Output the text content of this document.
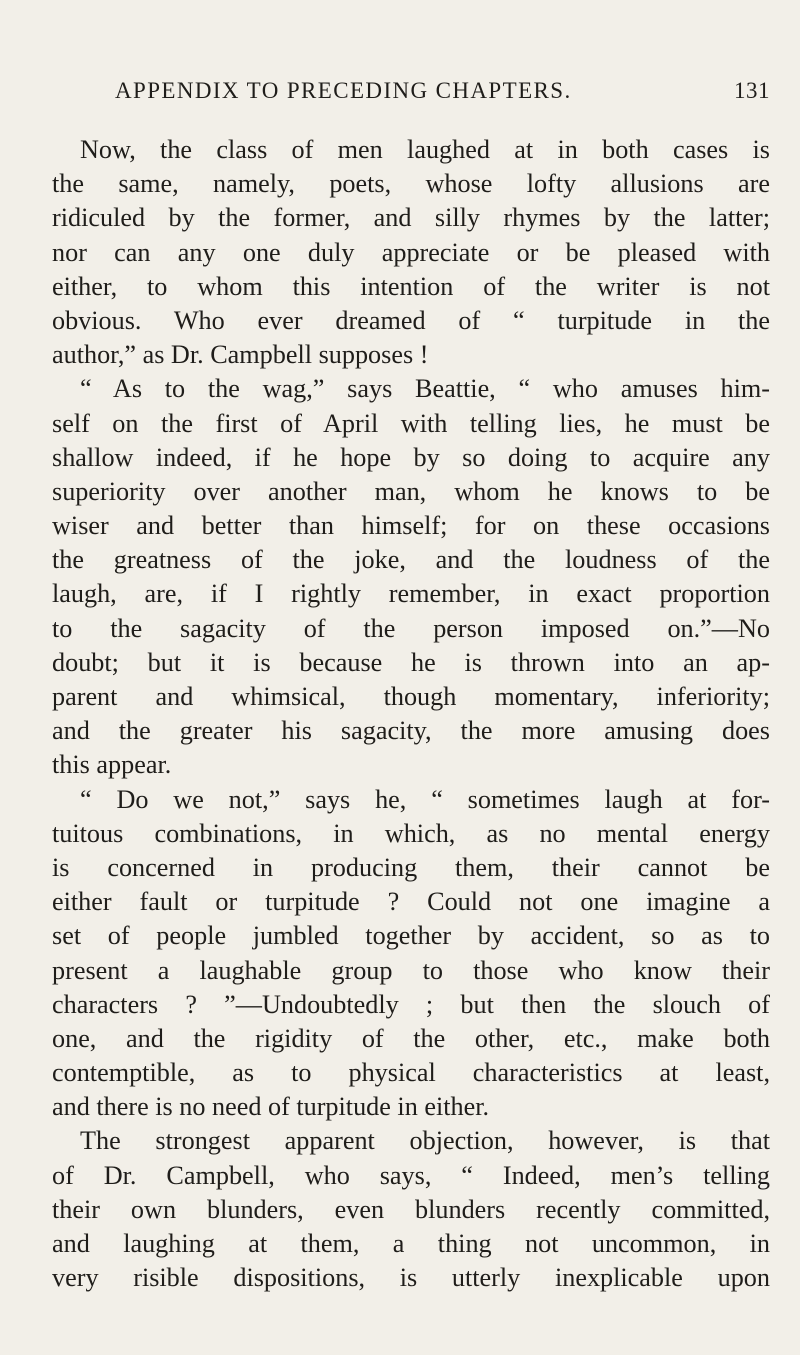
APPENDIX TO PRECEDING CHAPTERS.	131
Now, the class of men laughed at in both cases is
the same, namely, poets, whose lofty allusions are
ridiculed by the former, and silly rhymes by the latter;
nor can any one duly appreciate or be pleased with
either, to whom this intention of the writer is not
obvious. Who ever dreamed of “ turpitude in the
author,” as Dr. Campbell supposes !
“ As to the wag,” says Beattie, “ who amuses him-
self on the first of April with telling lies, he must be
shallow indeed, if he hope by so doing to acquire any
superiority over another man, whom he knows to be
wiser and better than himself; for on these occasions
the greatness of the joke, and the loudness of the
laugh, are, if I rightly remember, in exact proportion
to the sagacity of the person imposed on.”—No
doubt; but it is because he is thrown into an ap-
parent and whimsical, though momentary, inferiority;
and the greater his sagacity, the more amusing does
this appear.
“ Do we not,” says he, “ sometimes laugh at for-
tuitous combinations, in which, as no mental energy
is concerned in producing them, their cannot be
either fault or turpitude ? Could not one imagine a
set of people jumbled together by accident, so as to
present a laughable group to those who know their
characters ? ”—Undoubtedly ; but then the slouch of
one, and the rigidity of the other, etc., make both
contemptible, as to physical characteristics at least,
and there is no need of turpitude in either.
The strongest apparent objection, however, is that
of Dr. Campbell, who says, “ Indeed, men’s telling
their own blunders, even blunders recently committed,
and laughing at them, a thing not uncommon, in
very risible dispositions, is utterly inexplicable upon
